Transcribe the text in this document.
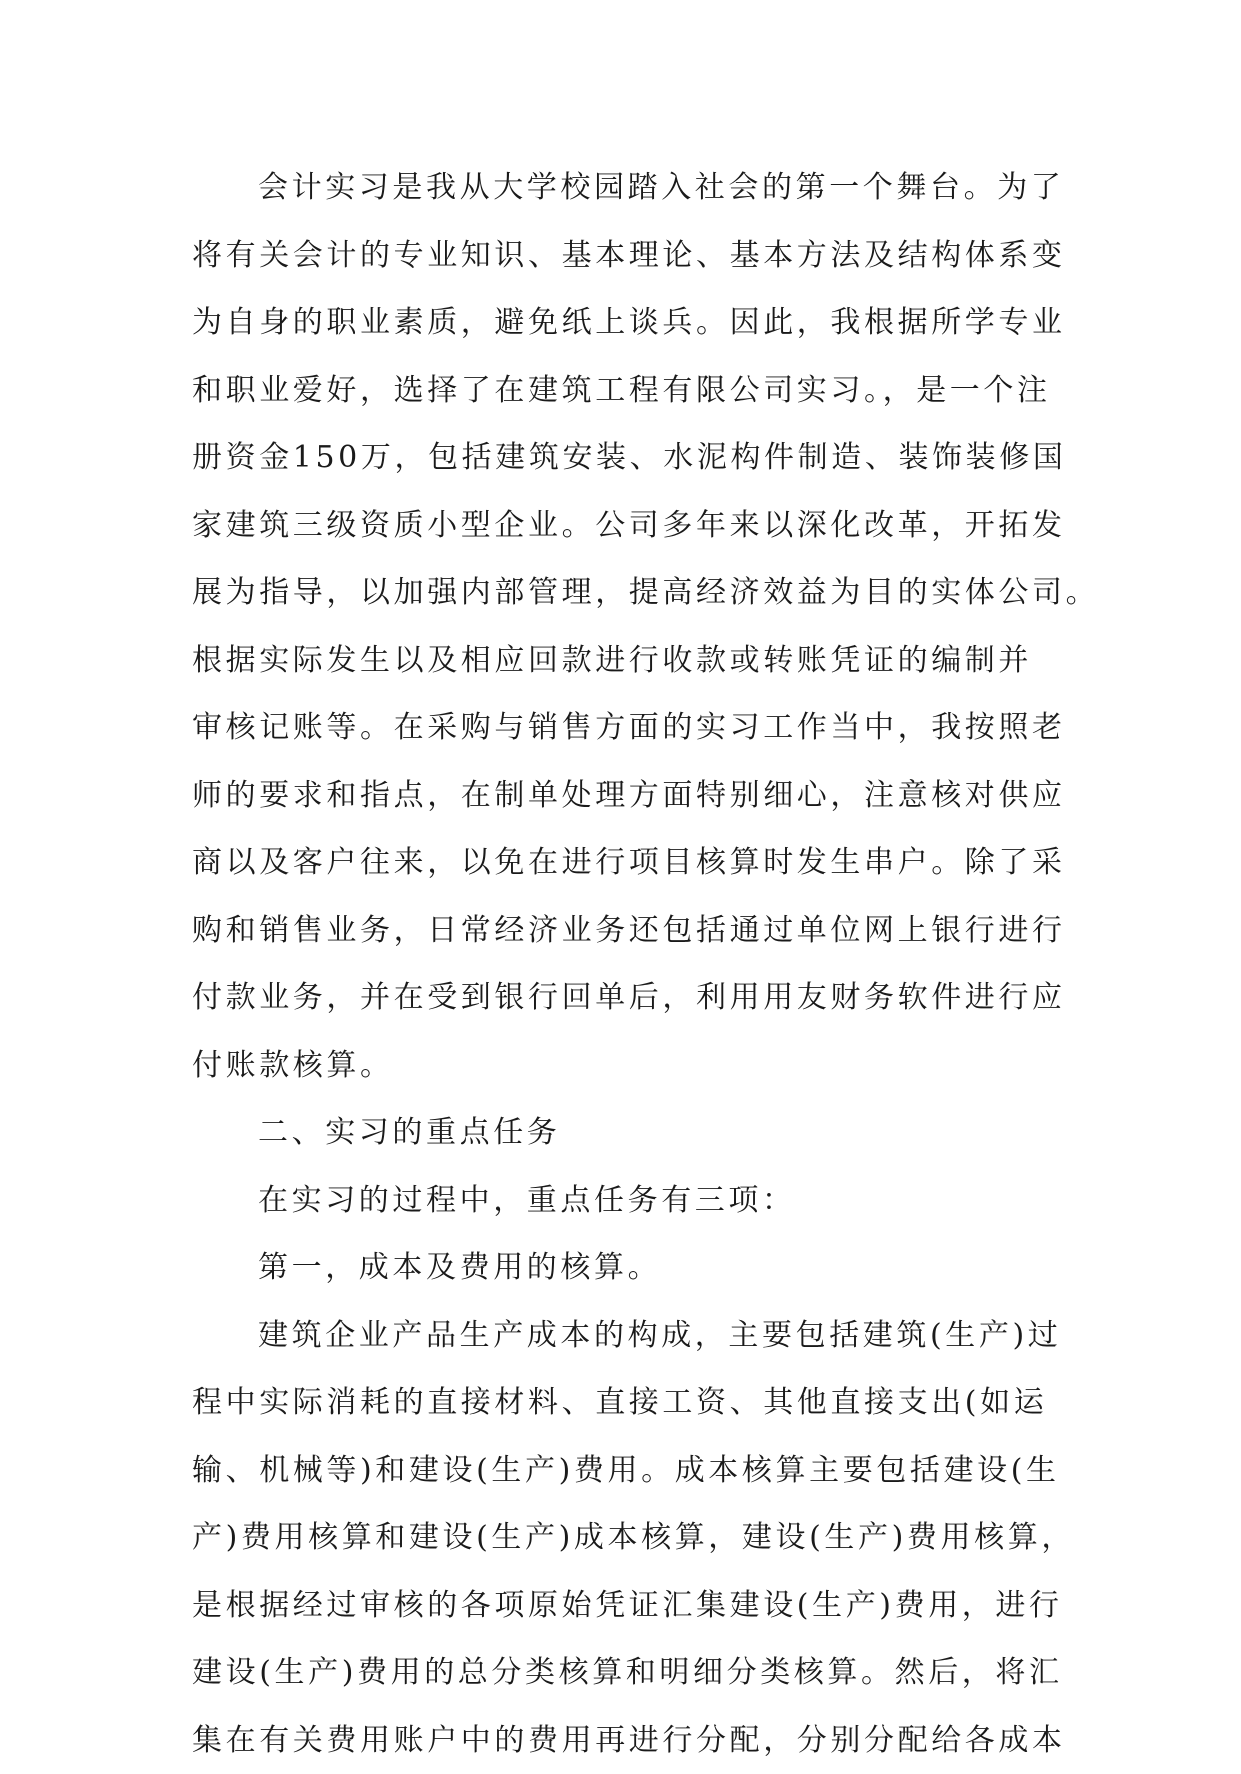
会计实习是我从大学校园踏入社会的第一个舞台。为了
将有关会计的专业知识、基本理论、基本方法及结构体系变
为自身的职业素质，避免纸上谈兵。因此，我根据所学专业
和职业爱好，选择了在建筑工程有限公司实习。，是一个注
册资金150万，包括建筑安装、水泥构件制造、装饰装修国
家建筑三级资质小型企业。公司多年来以深化改革，开拓发
展为指导，以加强内部管理，提高经济效益为目的实体公司。
根据实际发生以及相应回款进行收款或转账凭证的编制并
审核记账等。在采购与销售方面的实习工作当中，我按照老
师的要求和指点，在制单处理方面特别细心，注意核对供应
商以及客户往来，以免在进行项目核算时发生串户。除了采
购和销售业务，日常经济业务还包括通过单位网上银行进行
付款业务，并在受到银行回单后，利用用友财务软件进行应
付账款核算。
二、实习的重点任务
在实习的过程中，重点任务有三项：
第一，成本及费用的核算。
建筑企业产品生产成本的构成，主要包括建筑(生产)过
程中实际消耗的直接材料、直接工资、其他直接支出(如运
输、机械等)和建设(生产)费用。成本核算主要包括建设(生
产)费用核算和建设(生产)成本核算，建设(生产)费用核算，
是根据经过审核的各项原始凭证汇集建设(生产)费用，进行
建设(生产)费用的总分类核算和明细分类核算。然后，将汇
集在有关费用账户中的费用再进行分配，分别分配给各成本
